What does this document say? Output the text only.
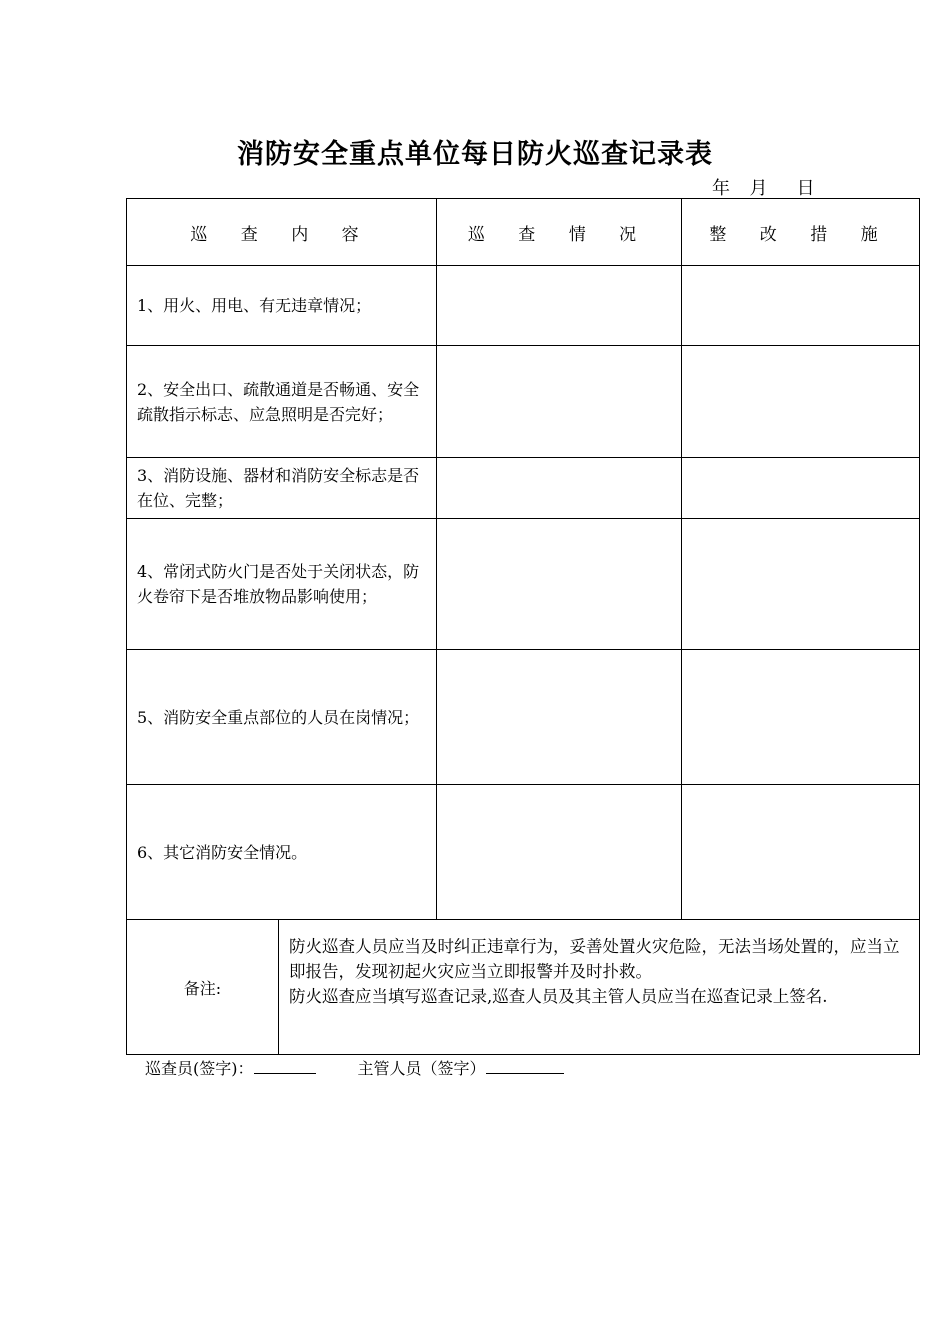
消防安全重点单位每日防火巡查记录表
年  月   日
巡 查 内 容		巡 查 情 况	整 改 措 施
1、用火、用电、有无违章情况；			
2、安全出口、疏散通道是否畅通、安全疏散指示标志、应急照明是否完好；			
3、消防设施、器材和消防安全标志是否在位、完整；			
4、常闭式防火门是否处于关闭状态，防火卷帘下是否堆放物品影响使用；			
5、消防安全重点部位的人员在岗情况；			
6、其它消防安全情况。			
备注:	防火巡查人员应当及时纠正违章行为，妥善处置火灾危险，无法当场处置的，应当立即报告，发现初起火灾应当立即报警并及时扑救。

防火巡查应当填写巡查记录,巡查人员及其主管人员应当在巡查记录上签名.		

巡查员(签字)：	主管人员（签字）
